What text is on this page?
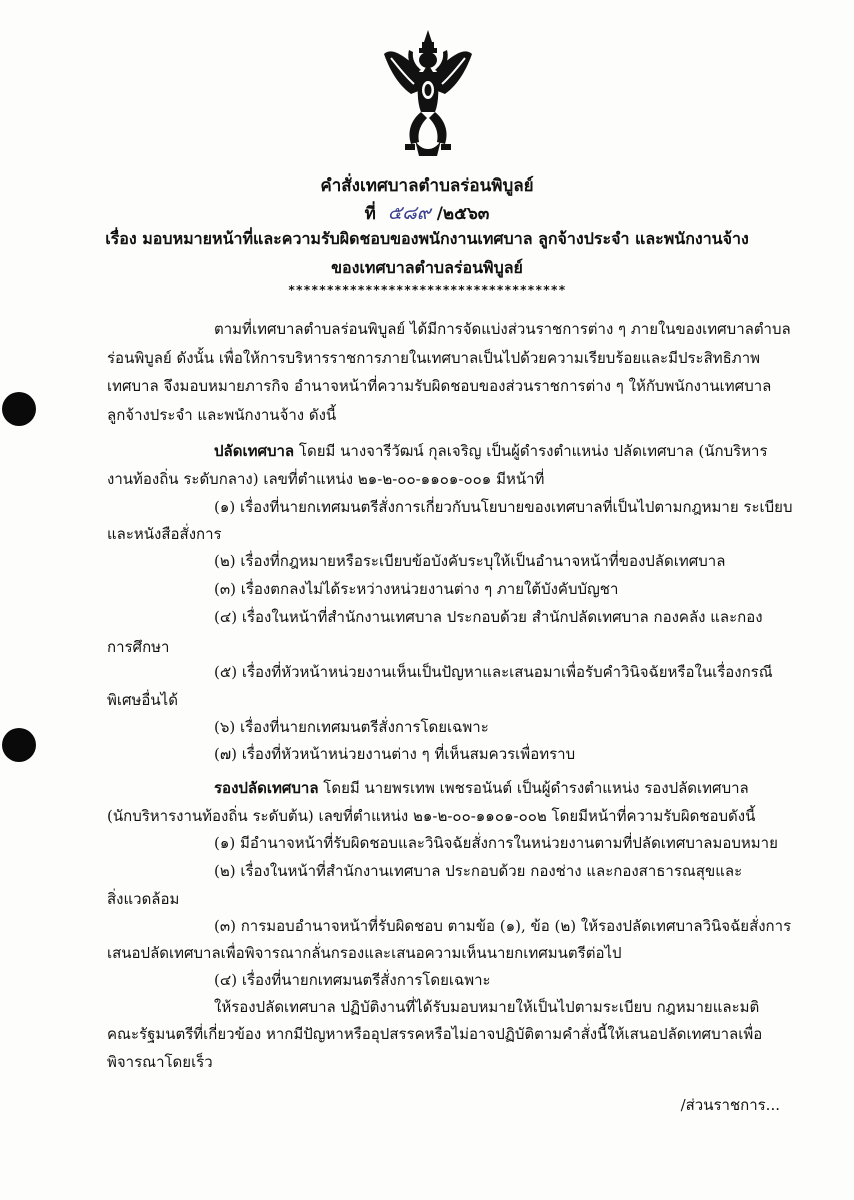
คำสั่งเทศบาลตำบลร่อนพิบูลย์
ที่ ๕๘๙ /๒๕๖๓
เรื่อง มอบหมายหน้าที่และความรับผิดชอบของพนักงานเทศบาล ลูกจ้างประจำ และพนักงานจ้าง
ของเทศบาลตำบลร่อนพิบูลย์
************************************
ตามที่เทศบาลตำบลร่อนพิบูลย์ ได้มีการจัดแบ่งส่วนราชการต่าง ๆ ภายในของเทศบาลตำบล
ร่อนพิบูลย์ ดังนั้น เพื่อให้การบริหารราชการภายในเทศบาลเป็นไปด้วยความเรียบร้อยและมีประสิทธิภาพ
เทศบาล จึงมอบหมายภารกิจ อำนาจหน้าที่ความรับผิดชอบของส่วนราชการต่าง ๆ ให้กับพนักงานเทศบาล
ลูกจ้างประจำ และพนักงานจ้าง ดังนี้
ปลัดเทศบาล โดยมี นางจารีวัฒน์ กุลเจริญ เป็นผู้ดำรงตำแหน่ง ปลัดเทศบาล (นักบริหาร
งานท้องถิ่น ระดับกลาง) เลขที่ตำแหน่ง ๒๑-๒-๐๐-๑๑๐๑-๐๐๑ มีหน้าที่
(๑) เรื่องที่นายกเทศมนตรีสั่งการเกี่ยวกับนโยบายของเทศบาลที่เป็นไปตามกฎหมาย ระเบียบ
และหนังสือสั่งการ
(๒) เรื่องที่กฎหมายหรือระเบียบข้อบังคับระบุให้เป็นอำนาจหน้าที่ของปลัดเทศบาล
(๓) เรื่องตกลงไม่ได้ระหว่างหน่วยงานต่าง ๆ ภายใต้บังคับบัญชา
(๔) เรื่องในหน้าที่สำนักงานเทศบาล ประกอบด้วย สำนักปลัดเทศบาล กองคลัง และกอง
การศึกษา
(๕) เรื่องที่หัวหน้าหน่วยงานเห็นเป็นปัญหาและเสนอมาเพื่อรับคำวินิจฉัยหรือในเรื่องกรณี
พิเศษอื่นได้
(๖) เรื่องที่นายกเทศมนตรีสั่งการโดยเฉพาะ
(๗) เรื่องที่หัวหน้าหน่วยงานต่าง ๆ ที่เห็นสมควรเพื่อทราบ
รองปลัดเทศบาล โดยมี นายพรเทพ เพชรอนันต์ เป็นผู้ดำรงตำแหน่ง รองปลัดเทศบาล
(นักบริหารงานท้องถิ่น ระดับต้น) เลขที่ตำแหน่ง ๒๑-๒-๐๐-๑๑๐๑-๐๐๒ โดยมีหน้าที่ความรับผิดชอบดังนี้
(๑) มีอำนาจหน้าที่รับผิดชอบและวินิจฉัยสั่งการในหน่วยงานตามที่ปลัดเทศบาลมอบหมาย
(๒) เรื่องในหน้าที่สำนักงานเทศบาล ประกอบด้วย กองช่าง และกองสาธารณสุขและ
สิ่งแวดล้อม
(๓) การมอบอำนาจหน้าที่รับผิดชอบ ตามข้อ (๑), ข้อ (๒) ให้รองปลัดเทศบาลวินิจฉัยสั่งการ
เสนอปลัดเทศบาลเพื่อพิจารณากลั่นกรองและเสนอความเห็นนายกเทศมนตรีต่อไป
(๔) เรื่องที่นายกเทศมนตรีสั่งการโดยเฉพาะ
ให้รองปลัดเทศบาล ปฏิบัติงานที่ได้รับมอบหมายให้เป็นไปตามระเบียบ กฎหมายและมติ
คณะรัฐมนตรีที่เกี่ยวข้อง หากมีปัญหาหรืออุปสรรคหรือไม่อาจปฏิบัติตามคำสั่งนี้ให้เสนอปลัดเทศบาลเพื่อ
พิจารณาโดยเร็ว
/ส่วนราชการ...
